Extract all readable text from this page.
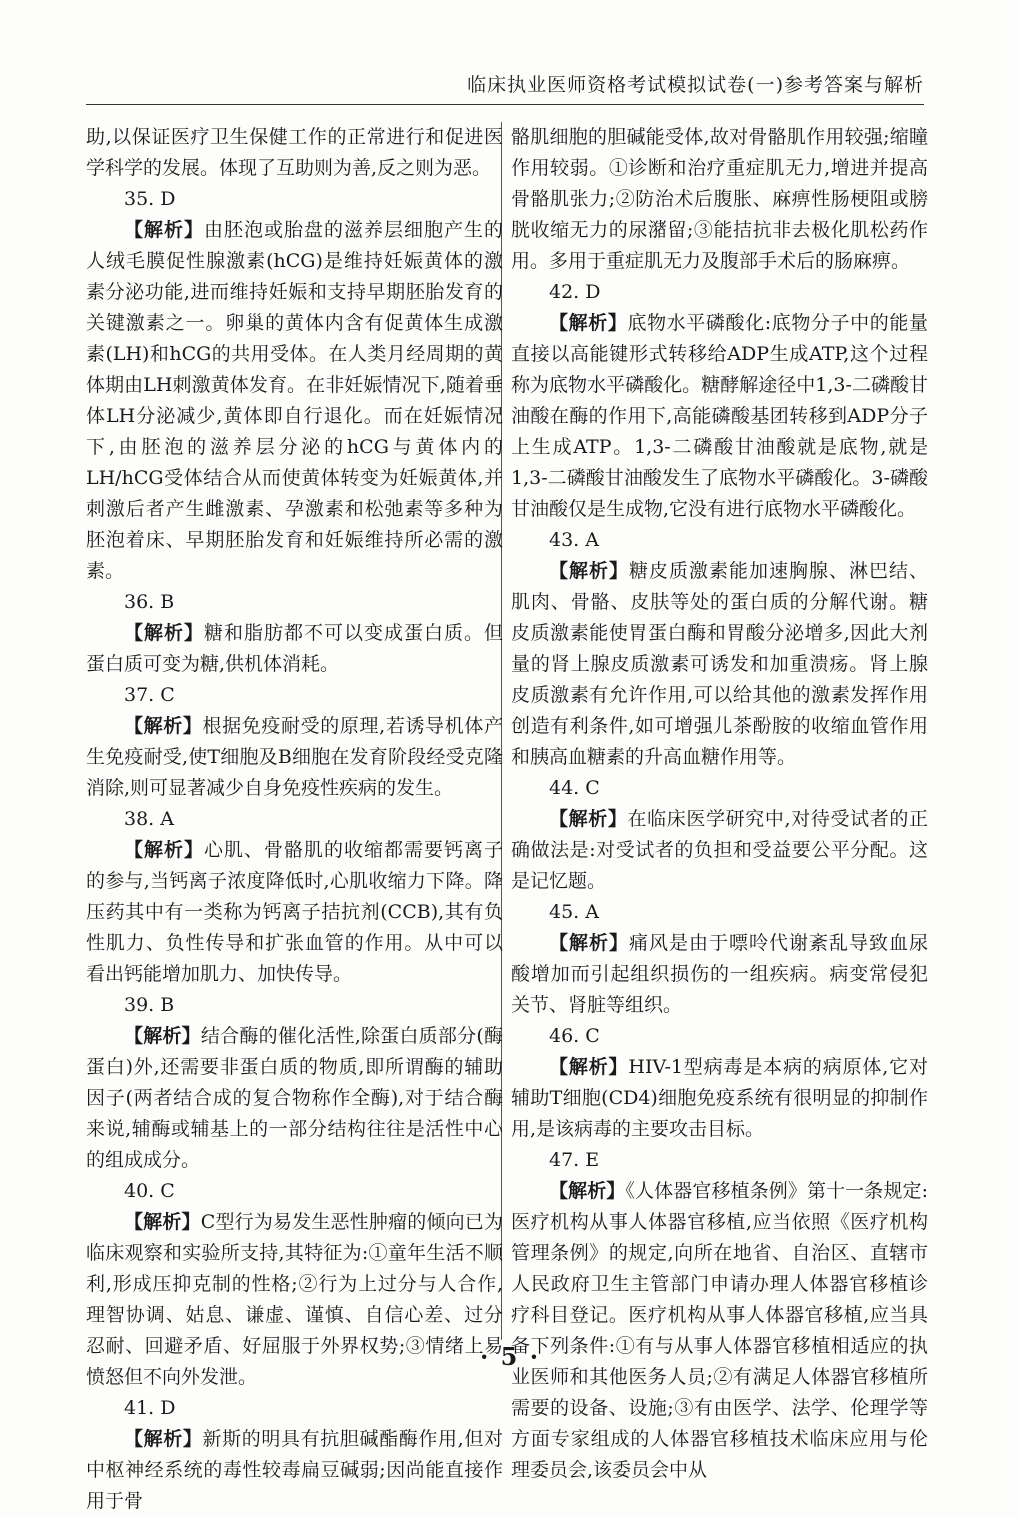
临床执业医师资格考试模拟试卷(一)参考答案与解析

助,以保证医疗卫生保健工作的正常进行和促进医学科学的发展。体现了互助则为善,反之则为恶。

35. D

【解析】由胚泡或胎盘的滋养层细胞产生的人绒毛膜促性腺激素(hCG)是维持妊娠黄体的激素分泌功能,进而维持妊娠和支持早期胚胎发育的关键激素之一。卵巢的黄体内含有促黄体生成激素(LH)和hCG的共用受体。在人类月经周期的黄体期由LH刺激黄体发育。在非妊娠情况下,随着垂体LH分泌减少,黄体即自行退化。而在妊娠情况下,由胚泡的滋养层分泌的hCG与黄体内的LH/hCG受体结合从而使黄体转变为妊娠黄体,并刺激后者产生雌激素、孕激素和松弛素等多种为胚泡着床、早期胚胎发育和妊娠维持所必需的激素。

36. B

【解析】糖和脂肪都不可以变成蛋白质。但蛋白质可变为糖,供机体消耗。

37. C

【解析】根据免疫耐受的原理,若诱导机体产生免疫耐受,使T细胞及B细胞在发育阶段经受克隆消除,则可显著减少自身免疫性疾病的发生。

38. A

【解析】心肌、骨骼肌的收缩都需要钙离子的参与,当钙离子浓度降低时,心肌收缩力下降。降压药其中有一类称为钙离子拮抗剂(CCB),其有负性肌力、负性传导和扩张血管的作用。从中可以看出钙能增加肌力、加快传导。

39. B

【解析】结合酶的催化活性,除蛋白质部分(酶蛋白)外,还需要非蛋白质的物质,即所谓酶的辅助因子(两者结合成的复合物称作全酶),对于结合酶来说,辅酶或辅基上的一部分结构往往是活性中心的组成成分。

40. C

【解析】C型行为易发生恶性肿瘤的倾向已为临床观察和实验所支持,其特征为:①童年生活不顺利,形成压抑克制的性格;②行为上过分与人合作,理智协调、姑息、谦虚、谨慎、自信心差、过分忍耐、回避矛盾、好屈服于外界权势;③情绪上易愤怒但不向外发泄。

41. D

【解析】新斯的明具有抗胆碱酯酶作用,但对中枢神经系统的毒性较毒扁豆碱弱;因尚能直接作用于骨

骼肌细胞的胆碱能受体,故对骨骼肌作用较强;缩瞳作用较弱。①诊断和治疗重症肌无力,增进并提高骨骼肌张力;②防治术后腹胀、麻痹性肠梗阻或膀胱收缩无力的尿潴留;③能拮抗非去极化肌松药作用。多用于重症肌无力及腹部手术后的肠麻痹。

42. D

【解析】底物水平磷酸化:底物分子中的能量直接以高能键形式转移给ADP生成ATP,这个过程称为底物水平磷酸化。糖酵解途径中1,3-二磷酸甘油酸在酶的作用下,高能磷酸基团转移到ADP分子上生成ATP。1,3-二磷酸甘油酸就是底物,就是1,3-二磷酸甘油酸发生了底物水平磷酸化。3-磷酸甘油酸仅是生成物,它没有进行底物水平磷酸化。

43. A

【解析】糖皮质激素能加速胸腺、淋巴结、肌肉、骨骼、皮肤等处的蛋白质的分解代谢。糖皮质激素能使胃蛋白酶和胃酸分泌增多,因此大剂量的肾上腺皮质激素可诱发和加重溃疡。肾上腺皮质激素有允许作用,可以给其他的激素发挥作用创造有利条件,如可增强儿茶酚胺的收缩血管作用和胰高血糖素的升高血糖作用等。

44. C

【解析】在临床医学研究中,对待受试者的正确做法是:对受试者的负担和受益要公平分配。这是记忆题。

45. A

【解析】痛风是由于嘌呤代谢紊乱导致血尿酸增加而引起组织损伤的一组疾病。病变常侵犯关节、肾脏等组织。

46. C

【解析】HIV-1型病毒是本病的病原体,它对辅助T细胞(CD4)细胞免疫系统有很明显的抑制作用,是该病毒的主要攻击目标。

47. E

【解析】《人体器官移植条例》第十一条规定:医疗机构从事人体器官移植,应当依照《医疗机构管理条例》的规定,向所在地省、自治区、直辖市人民政府卫生主管部门申请办理人体器官移植诊疗科目登记。医疗机构从事人体器官移植,应当具备下列条件:①有与从事人体器官移植相适应的执业医师和其他医务人员;②有满足人体器官移植所需要的设备、设施;③有由医学、法学、伦理学等方面专家组成的人体器官移植技术临床应用与伦理委员会,该委员会中从

· 5 ·
